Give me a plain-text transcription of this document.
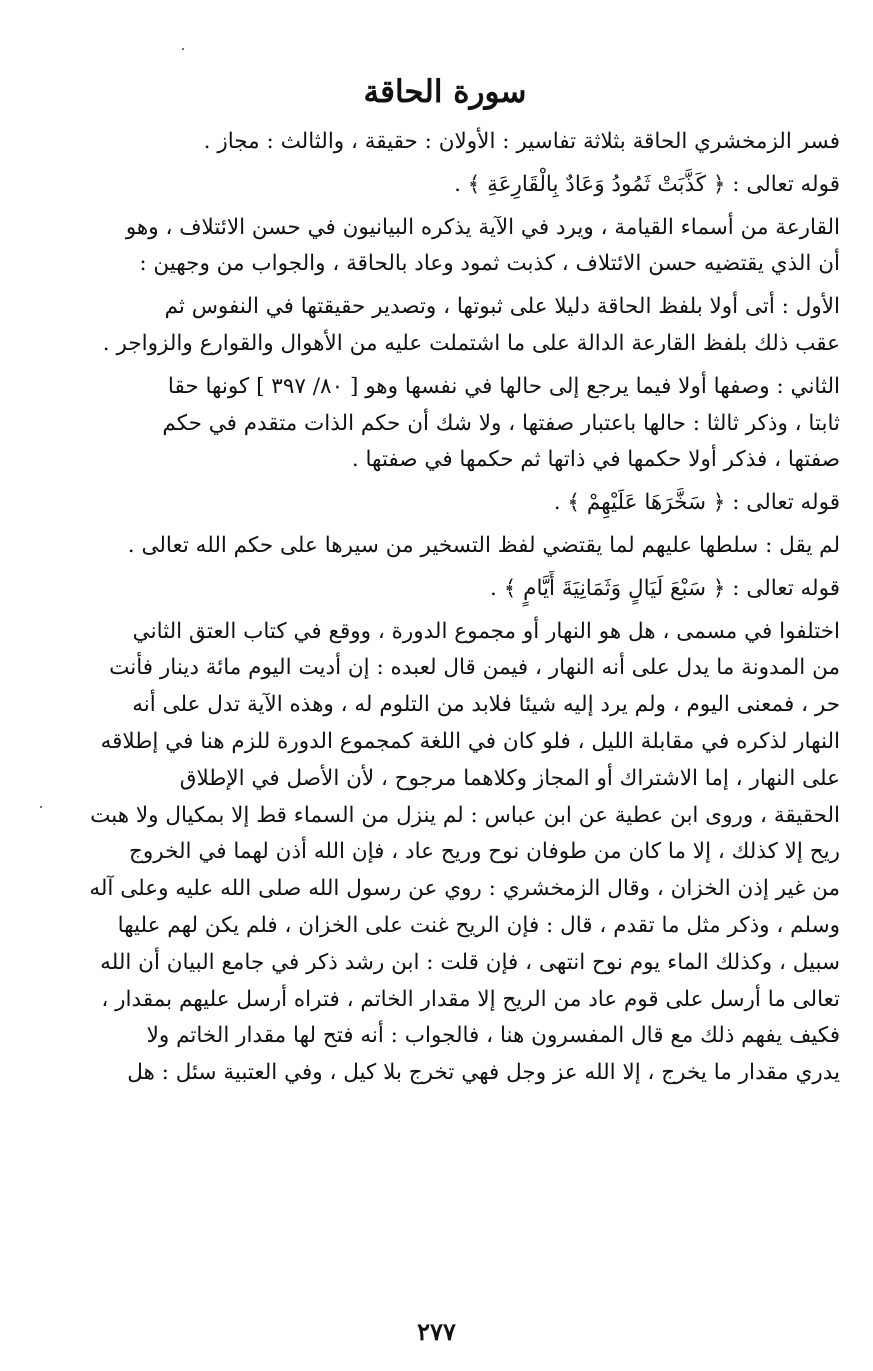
سورة الحاقة
فسر الزمخشري الحاقة بثلاثة تفاسير : الأولان : حقيقة ، والثالث : مجاز .
قوله تعالى : ﴿ كَذَّبَتْ ثَمُودُ وَعَادٌ بِالْقَارِعَةِ ﴾ .
القارعة من أسماء القيامة ، ويرد في الآية يذكره البيانيون في حسن الائتلاف ، وهو
أن الذي يقتضيه حسن الائتلاف ، كذبت ثمود وعاد بالحاقة ، والجواب من وجهين :
الأول : أتى أولا بلفظ الحاقة دليلا على ثبوتها ، وتصدير حقيقتها في النفوس ثم
عقب ذلك بلفظ القارعة الدالة على ما اشتملت عليه من الأهوال والقوارع والزواجر .
الثاني : وصفها أولا فيما يرجع إلى حالها في نفسها وهو [ ٨٠/ ٣٩٧ ] كونها حقا
ثابتا ، وذكر ثالثا : حالها باعتبار صفتها ، ولا شك أن حكم الذات متقدم في حكم
صفتها ، فذكر أولا حكمها في ذاتها ثم حكمها في صفتها .
قوله تعالى : ﴿ سَخَّرَهَا عَلَيْهِمْ ﴾ .
لم يقل : سلطها عليهم لما يقتضي لفظ التسخير من سيرها على حكم الله تعالى .
قوله تعالى : ﴿ سَبْعَ لَيَالٍ وَثَمَانِيَةَ أَيَّامٍ ﴾ .
اختلفوا في مسمى ، هل هو النهار أو مجموع الدورة ، ووقع في كتاب العتق الثاني
من المدونة ما يدل على أنه النهار ، فيمن قال لعبده : إن أديت اليوم مائة دينار فأنت
حر ، فمعنى اليوم ، ولم يرد إليه شيئا فلابد من التلوم له ، وهذه الآية تدل على أنه
النهار لذكره في مقابلة الليل ، فلو كان في اللغة كمجموع الدورة للزم هنا في إطلاقه
على النهار ، إما الاشتراك أو المجاز وكلاهما مرجوح ، لأن الأصل في الإطلاق
الحقيقة ، وروى ابن عطية عن ابن عباس : لم ينزل من السماء قط إلا بمكيال ولا هبت
ريح إلا كذلك ، إلا ما كان من طوفان نوح وريح عاد ، فإن الله أذن لهما في الخروج
من غير إذن الخزان ، وقال الزمخشري : روي عن رسول الله صلى الله عليه وعلى آله
وسلم ، وذكر مثل ما تقدم ، قال : فإن الريح غنت على الخزان ، فلم يكن لهم عليها
سبيل ، وكذلك الماء يوم نوح انتهى ، فإن قلت : ابن رشد ذكر في جامع البيان أن الله
تعالى ما أرسل على قوم عاد من الريح إلا مقدار الخاتم ، فتراه أرسل عليهم بمقدار ،
فكيف يفهم ذلك مع قال المفسرون هنا ، فالجواب : أنه فتح لها مقدار الخاتم ولا
يدري مقدار ما يخرج ، إلا الله عز وجل فهي تخرج بلا كيل ، وفي العتبية سئل : هل
٢٧٧
